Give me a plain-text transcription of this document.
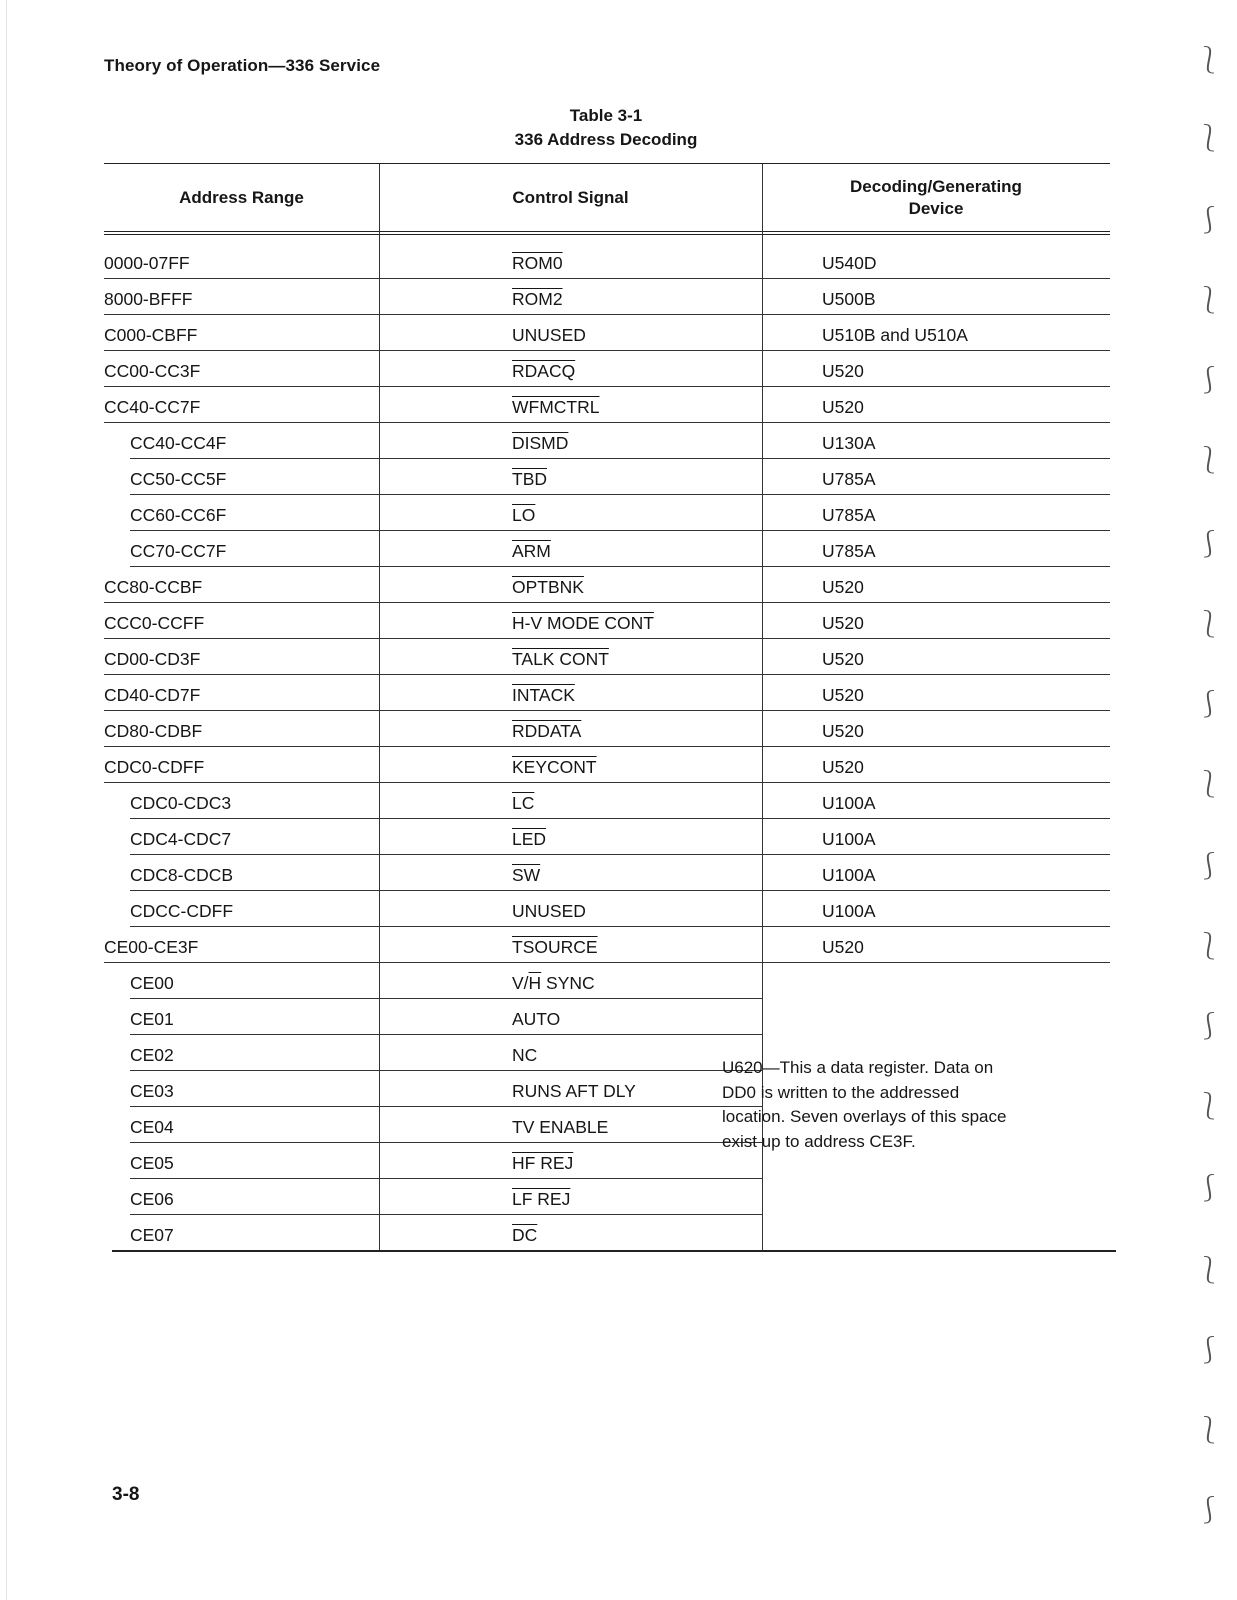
Theory of Operation—336 Service
Table 3-1
336 Address Decoding
Address Range	Control Signal
Decoding/Generating
Device
0000-07FF	ROM0	U540D
8000-BFFF	ROM2	U500B
C000-CBFF	UNUSED	U510B and U510A
CC00-CC3F	RDACQ	U520
CC40-CC7F	WFMCTRL	U520
CC40-CC4F	DISMD	U130A
CC50-CC5F	$\overline{TBD}$	U785A
CC60-CC6F	$\overline{LO}$	U785A
CC70-CC7F	$\overline{ARM}$	U785A
CC80-CCBF	OPTBNK	U520
CCC0-CCFF	H-V MODE CONT	U520
CD00-CD3F	TALK CONT	U520
CD40-CD7F	INTACK	U520
CD80-CDBF	RDDATA	U520
CDC0-CDFF	KEYCONT	U520
CDC0-CDC3	$\overline{LC}$	U100A
CDC4-CDC7	$\overline{LED}$	U100A
CDC8-CDCB	$\overline{SW}$	U100A
CDCC-CDFF	UNUSED	U100A
CE00-CE3F	TSOURCE	U520
CE00	$V/\overline{H}$ SYNC
CE01	AUTO
CE02	NC
CE03	RUNS AFT DLY
CE04	TV ENABLE
CE05	HF REJ
CE06	LF REJ
CE07	$\overline{DC}$
U620—This a data register. Data on DD0 is written to the addressed location. Seven overlays of this space exist up to address CE3F.
3-8
⎱
⎱
⎰
⎱
⎰
⎱
⎰
⎱
⎰
⎱
⎰
⎱
⎰
⎱
⎰
⎱
⎰
⎱
⎰
